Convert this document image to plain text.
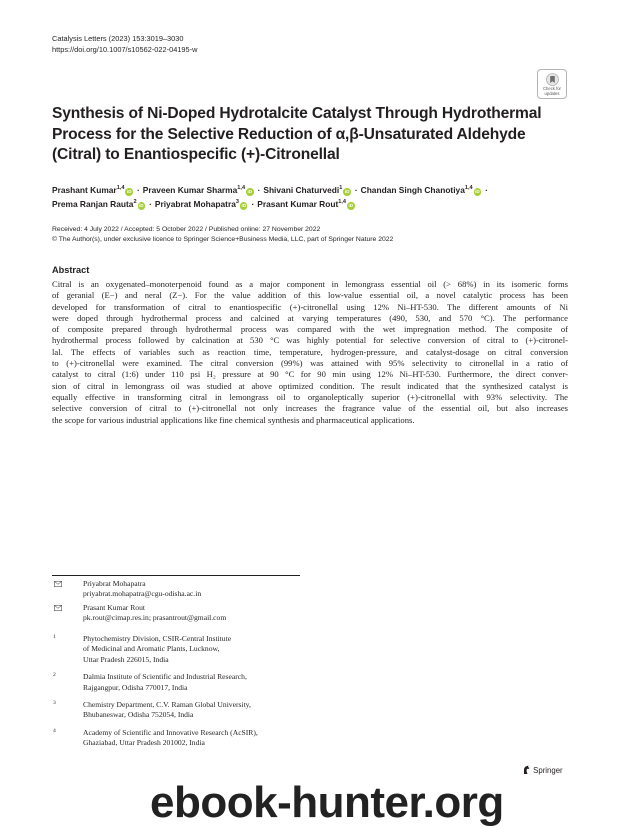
Catalysis Letters (2023) 153:3019–3030
https://doi.org/10.1007/s10562-022-04195-w
Check for
updates
Synthesis of Ni-Doped Hydrotalcite Catalyst Through Hydrothermal
Process for the Selective Reduction of α,β-Unsaturated Aldehyde
(Citral) to Enantiospecific (+)-Citronellal
Prashant Kumar$^{1,4}$iD · Praveen Kumar Sharma$^{1,4}$iD · Shivani Chaturvedi$^1$iD · Chandan Singh Chanotiya$^{1,4}$iD ·
Prema Ranjan Rauta$^2$iD · Priyabrat Mohapatra$^3$iD · Prasant Kumar Rout$^{1,4}$iD
Received: 4 July 2022 / Accepted: 5 October 2022 / Published online: 27 November 2022
© The Author(s), under exclusive licence to Springer Science+Business Media, LLC, part of Springer Nature 2022
Abstract
Citral is an oxygenated–monoterpenoid found as a major component in lemongrass essential oil (> 68%) in its isomeric forms
of geranial (E−) and neral (Z−). For the value addition of this low-value essential oil, a novel catalytic process has been
developed for transformation of citral to enantiospecific (+)-citronellal using 12% Ni–HT-530. The different amounts of Ni
were doped through hydrothermal process and calcined at varying temperatures (490, 530, and 570 °C). The performance
of composite prepared through hydrothermal process was compared with the wet impregnation method. The composite of
hydrothermal process followed by calcination at 530 °C was highly potential for selective conversion of citral to (+)-citronel-
lal. The effects of variables such as reaction time, temperature, hydrogen-pressure, and catalyst-dosage on citral conversion
to (+)-citronellal were examined. The citral conversion (99%) was attained with 95% selectivity to citronellal in a ratio of
catalyst to citral (1:6) under 110 psi H₂ pressure at 90 °C for 90 min using 12% Ni–HT-530. Furthermore, the direct conver-
sion of citral in lemongrass oil was studied at above optimized condition. The result indicated that the synthesized catalyst is
equally effective in transforming citral in lemongrass oil to organoleptically superior (+)-citronellal with 93% selectivity. The
selective conversion of citral to (+)-citronellal not only increases the fragrance value of the essential oil, but also increases
the scope for various industrial applications like fine chemical synthesis and pharmaceutical applications.
Priyabrat Mohapatra
priyabrat.mohapatra@cgu-odisha.ac.in
Prasant Kumar Rout
pk.rout@cimap.res.in; prasantrout@gmail.com
1	Phytochemistry Division, CSIR-Central Institute
of Medicinal and Aromatic Plants, Lucknow,
Uttar Pradesh 226015, India
2	Dalmia Institute of Scientific and Industrial Research,
Rajgangpur, Odisha 770017, India
3	Chemistry Department, C.V. Raman Global University,
Bhubaneswar, Odisha 752054, India
4	Academy of Scientific and Innovative Research (AcSIR),
Ghaziabad, Uttar Pradesh 201002, India
Springer
ebook-hunter.org
